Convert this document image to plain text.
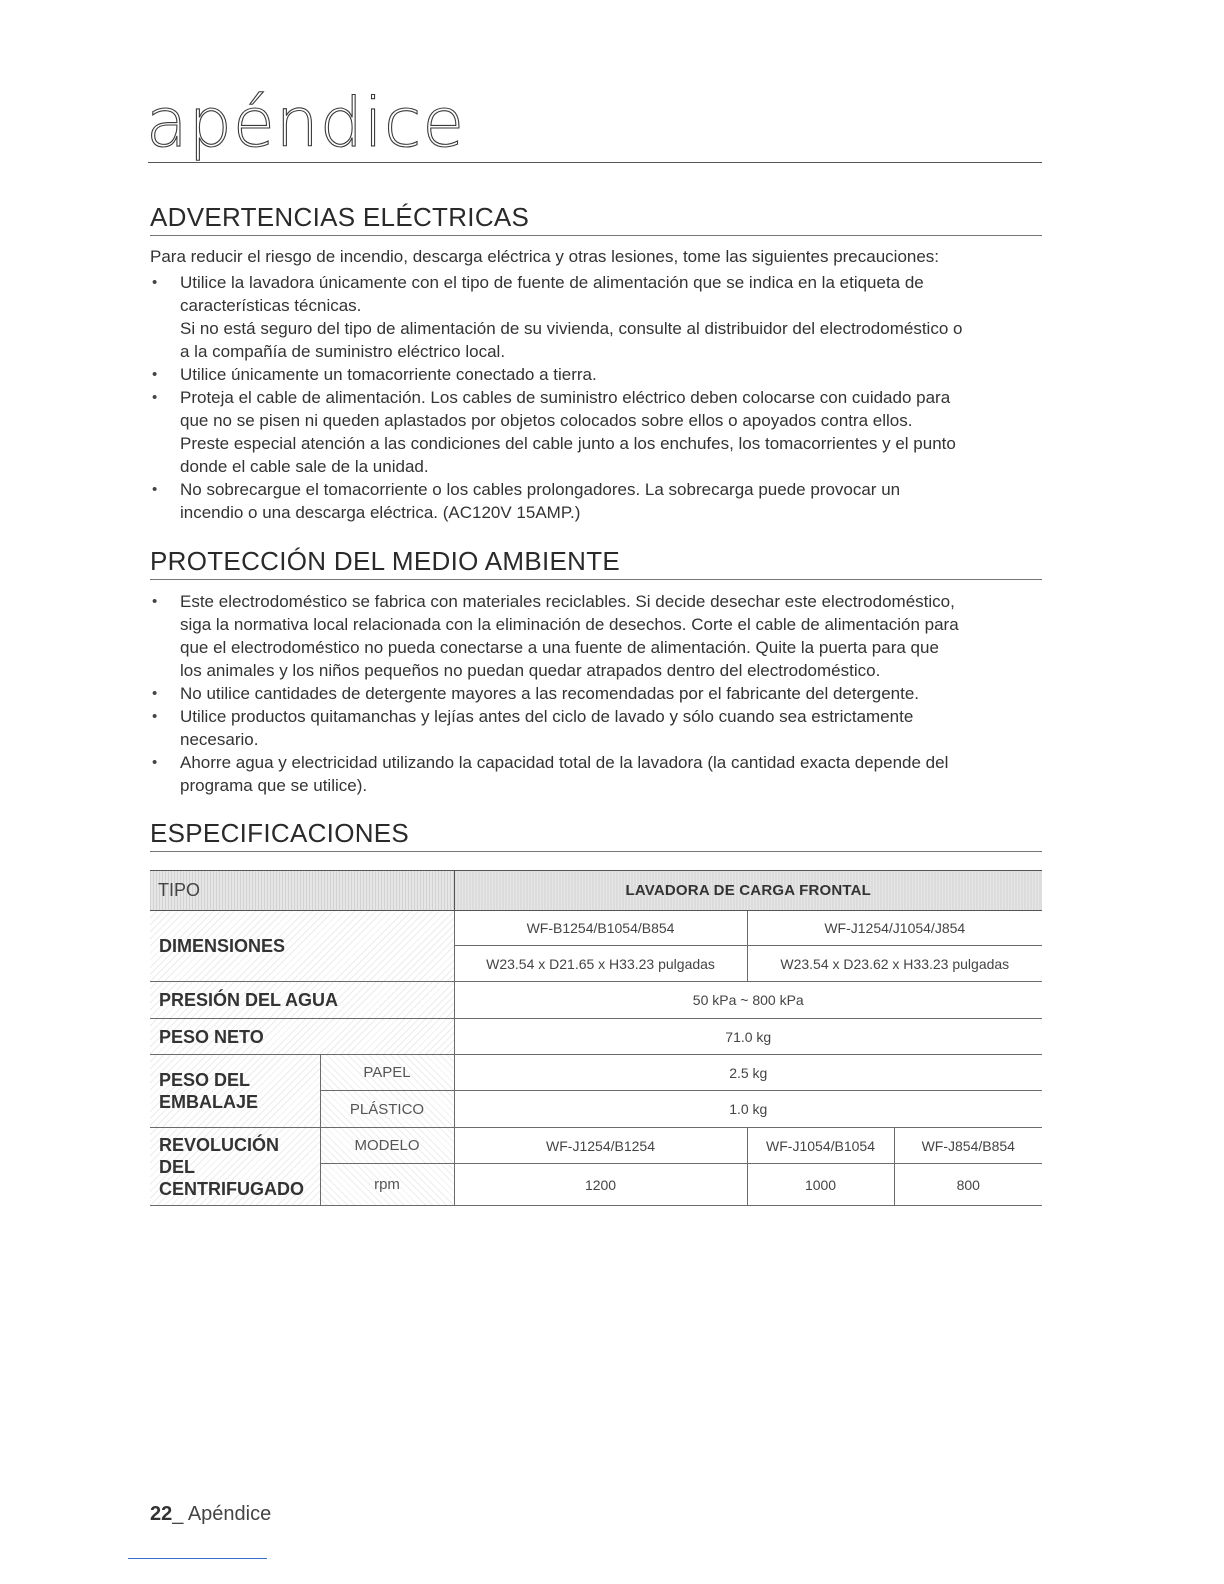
apéndice
ADVERTENCIAS ELÉCTRICAS
Para reducir el riesgo de incendio, descarga eléctrica y otras lesiones, tome las siguientes precauciones:
• Utilice la lavadora únicamente con el tipo de fuente de alimentación que se indica en la etiqueta de
características técnicas.
Si no está seguro del tipo de alimentación de su vivienda, consulte al distribuidor del electrodoméstico o
a la compañía de suministro eléctrico local.
• Utilice únicamente un tomacorriente conectado a tierra.
• Proteja el cable de alimentación. Los cables de suministro eléctrico deben colocarse con cuidado para
que no se pisen ni queden aplastados por objetos colocados sobre ellos o apoyados contra ellos.
Preste especial atención a las condiciones del cable junto a los enchufes, los tomacorrientes y el punto
donde el cable sale de la unidad.
• No sobrecargue el tomacorriente o los cables prolongadores. La sobrecarga puede provocar un
incendio o una descarga eléctrica. (AC120V 15AMP.)
PROTECCIÓN DEL MEDIO AMBIENTE
• Este electrodoméstico se fabrica con materiales reciclables. Si decide desechar este electrodoméstico,
siga la normativa local relacionada con la eliminación de desechos. Corte el cable de alimentación para
que el electrodoméstico no pueda conectarse a una fuente de alimentación. Quite la puerta para que
los animales y los niños pequeños no puedan quedar atrapados dentro del electrodoméstico.
• No utilice cantidades de detergente mayores a las recomendadas por el fabricante del detergente.
• Utilice productos quitamanchas y lejías antes del ciclo de lavado y sólo cuando sea estrictamente
necesario.
• Ahorre agua y electricidad utilizando la capacidad total de la lavadora (la cantidad exacta depende del
programa que se utilice).
ESPECIFICACIONES
TIPO		LAVADORA DE CARGA FRONTAL		
DIMENSIONES		WF-B1254/B1054/B854	WF-J1254/J1054/J854	
		W23.54 x D21.65 x H33.23 pulgadas	W23.54 x D23.62 x H33.23 pulgadas	
PRESIÓN DEL AGUA		50 kPa ~ 800 kPa		
PESO NETO		71.0 kg		

PESO DEL
EMBALAJE	PAPEL	2.5 kg		
	PLÁSTICO	1.0 kg		

REVOLUCIÓN
DEL
CENTRIFUGADO	MODELO	WF-J1254/B1254	WF-J1054/B1054	WF-J854/B854
	rpm	1200	1000	800
22_ Apéndice
